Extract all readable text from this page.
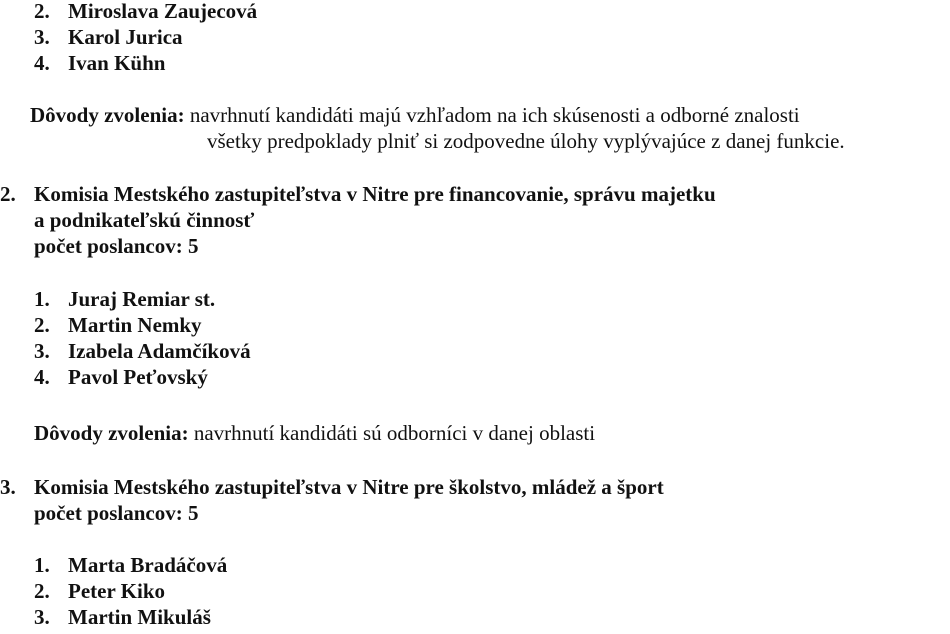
2. Miroslava Zaujecová
3. Karol Jurica
4. Ivan Kühn
Dôvody zvolenia: navrhnutí kandidáti majú vzhľadom na ich skúsenosti a odborné znalosti
všetky predpoklady plniť si zodpovedne úlohy vyplývajúce z danej funkcie.
2. Komisia Mestského zastupiteľstva v Nitre pre financovanie, správu majetku
a podnikateľskú činnosť
počet poslancov: 5
1. Juraj Remiar st.
2. Martin Nemky
3. Izabela Adamčíková
4. Pavol Peťovský
Dôvody zvolenia: navrhnutí kandidáti sú odborníci v danej oblasti
3. Komisia Mestského zastupiteľstva v Nitre pre školstvo, mládež a šport
počet poslancov: 5
1. Marta Bradáčová
2. Peter Kiko
3. Martin Mikuláš
